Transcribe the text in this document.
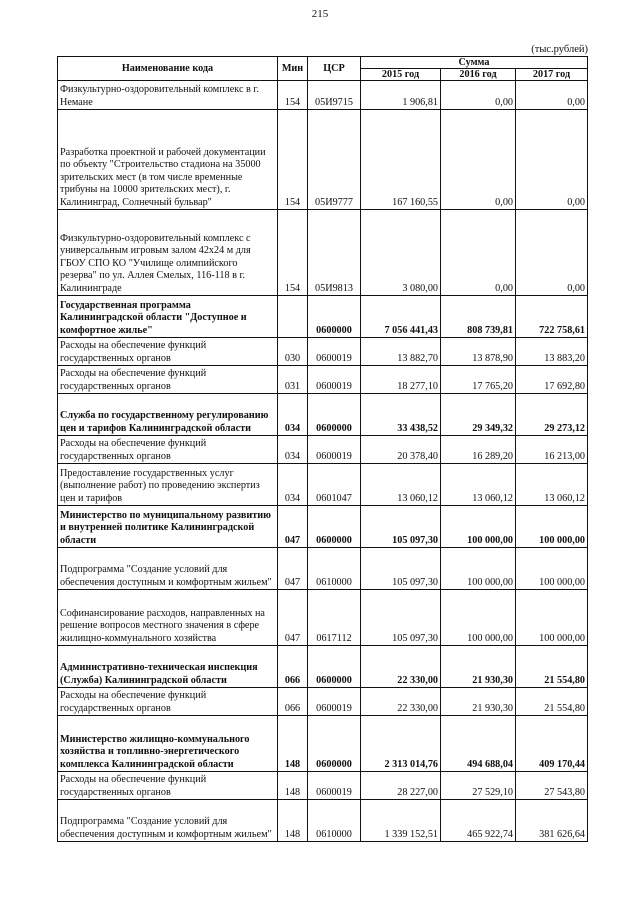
215
(тыс.рублей)
Наименование кода	Мин	ЦСР	Сумма		
			2015 год	2016 год	2017 год
Физкультурно-оздоровительный комплекс в г. Немане	154	05И9715	1 906,81	0,00	0,00
Разработка проектной и рабочей документации по объекту "Строительство стадиона на 35000 зрительских мест (в том числе временные трибуны на 10000 зрительских мест), г. Калининград, Солнечный бульвар"	154	05И9777	167 160,55	0,00	0,00
Физкультурно-оздоровительный комплекс с универсальным игровым залом 42х24 м для ГБОУ СПО КО "Училище олимпийского резерва" по ул. Аллея Смелых, 116-118 в г. Калининграде	154	05И9813	3 080,00	0,00	0,00
Государственная программа Калининградской области "Доступное и комфортное жилье"		0600000	7 056 441,43	808 739,81	722 758,61
Расходы на обеспечение функций государственных органов	030	0600019	13 882,70	13 878,90	13 883,20
Расходы на обеспечение функций государственных органов	031	0600019	18 277,10	17 765,20	17 692,80
Служба по государственному регулированию цен и тарифов Калининградской области	034	0600000	33 438,52	29 349,32	29 273,12
Расходы на обеспечение функций государственных органов	034	0600019	20 378,40	16 289,20	16 213,00
Предоставление государственных услуг (выполнение работ) по проведению экспертиз цен и тарифов	034	0601047	13 060,12	13 060,12	13 060,12
Министерство по муниципальному развитию и внутренней политике Калининградской области	047	0600000	105 097,30	100 000,00	100 000,00
Подпрограмма "Создание условий для обеспечения доступным и комфортным жильем"	047	0610000	105 097,30	100 000,00	100 000,00
Софинансирование расходов, направленных на решение вопросов местного значения в сфере жилищно-коммунального хозяйства	047	0617112	105 097,30	100 000,00	100 000,00
Административно-техническая инспекция (Служба) Калининградской области	066	0600000	22 330,00	21 930,30	21 554,80
Расходы на обеспечение функций государственных органов	066	0600019	22 330,00	21 930,30	21 554,80
Министерство жилищно-коммунального хозяйства и топливно-энергетического комплекса Калининградской области	148	0600000	2 313 014,76	494 688,04	409 170,44
Расходы на обеспечение функций государственных органов	148	0600019	28 227,00	27 529,10	27 543,80
Подпрограмма "Создание условий для обеспечения доступным и комфортным жильем"	148	0610000	1 339 152,51	465 922,74	381 626,64
